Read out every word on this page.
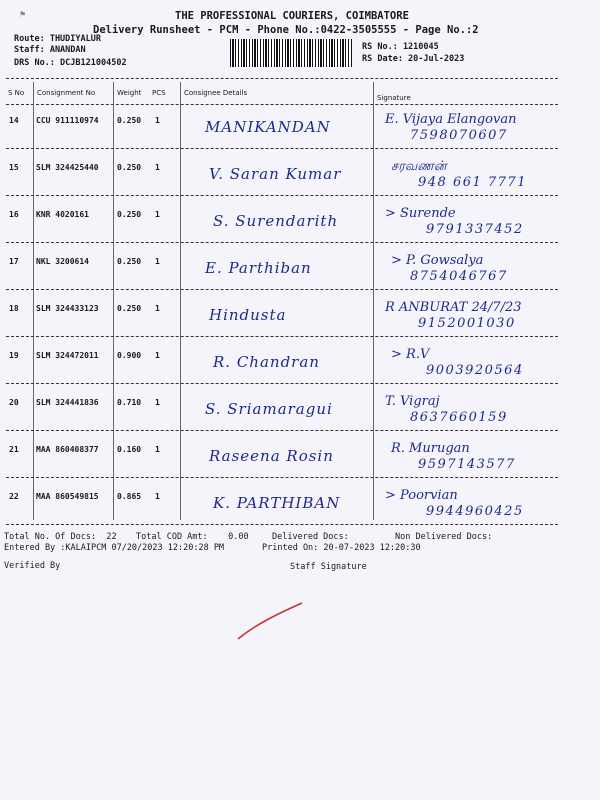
⚑	THE PROFESSIONAL COURIERS, COIMBATORE
Delivery Runsheet - PCM - Phone No.:0422-3505555 - Page No.:2
Route: THUDIYALUR
Staff: ANANDAN
DRS No.: DCJB121004502
RS No.: 1210045
RS Date: 20-Jul-2023
S No Consignment No	Weight PCS	Consignee Details
Signature
14 CCU 911110974 0.250 1	MANIKANDAN	E. Vijaya Elangovan
7598070607
15 SLM 324425440 0.250 1	V. Saran Kumar	சரவணன்
948 661 7771
16 KNR 4020161	0.250 1	S. Surendarith	> Surende
9791337452
17 NKL 3200614	0.250 1	E. Parthiban	> P. Gowsalya
8754046767
18 SLM 324433123 0.250 1	Hindusta	R ANBURAT 24/7/23
9152001030
19 SLM 324472011 0.900 1	R. Chandran	> R.V
9003920564
20 SLM 324441836 0.710 1	S. Sriamaragui	T. Vigraj
8637660159
21 MAA 860408377 0.160 1	Raseena Rosin	R. Murugan
9597143577
22 MAA 860549815 0.865 1	K. PARTHIBAN	> Poorvian
9944960425
Total No. Of Docs:  22 Total COD Amt:    0.00	Delivered Docs:	Non Delivered Docs:
Entered By :KALAIPCM 07/20/2023 12:20:28 PM	Printed On: 20-07-2023 12:20:30
Verified By	Staff Signature
